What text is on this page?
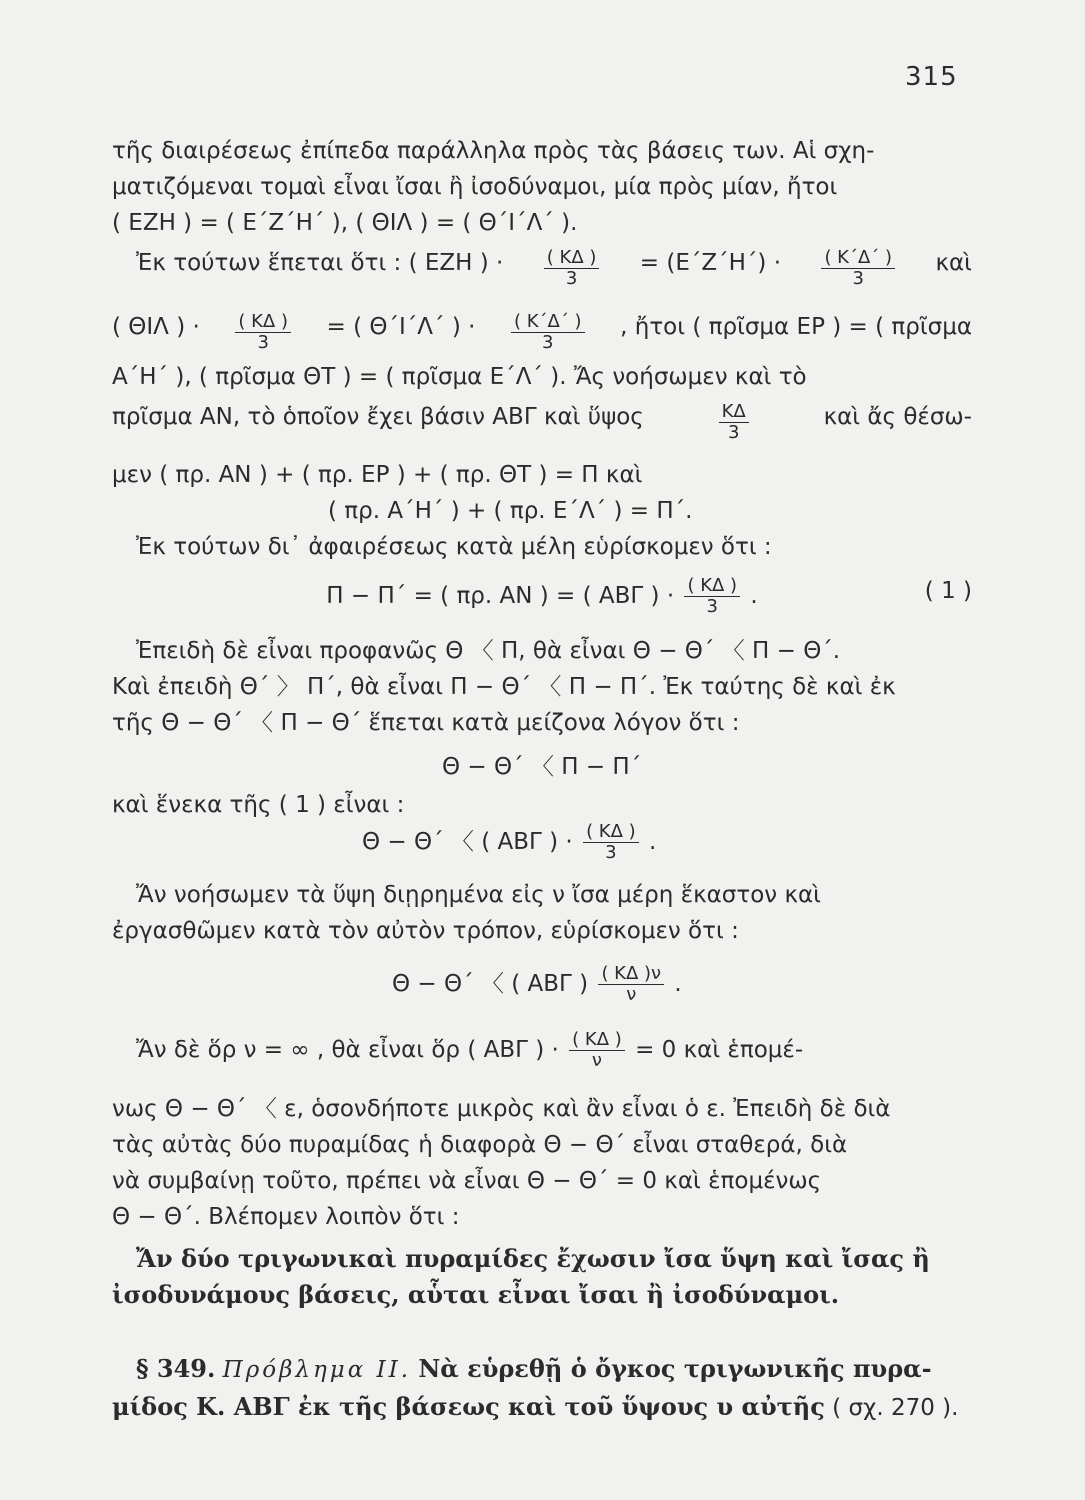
315
τῆς διαιρέσεως ἐπίπεδα παράλληλα πρὸς τὰς βάσεις των. Αἱ σχη-
ματιζόμεναι τομαὶ εἶναι ἴσαι ἢ ἰσοδύναμοι, μία πρὸς μίαν, ἤτοι
( ΕΖΗ ) = ( Ε΄Ζ΄Η΄ ), ( ΘΙΛ ) = ( Θ΄Ι΄Λ΄ ).
Ἐκ τούτων ἕπεται ὅτι : ( ΕΖΗ ) · $\frac{( K\Delta )}{3} = (E΄Z΄H΄) \cdot \frac{( K΄\Delta΄ )}{3}$ καὶ
( ΘΙΛ ) · $\frac{( K\Delta )}{3}$ = ( Θ΄Ι΄Λ΄ ) · $\frac{( K΄\Delta΄ )}{3}$ , ἤτοι ( πρῖσμα ΕΡ ) = ( πρῖσμα
Α΄Η΄ ), ( πρῖσμα ΘΤ ) = ( πρῖσμα Ε΄Λ΄ ). Ἄς νοήσωμεν καὶ τὸ
πρῖσμα ΑΝ, τὸ ὁποῖον ἔχει βάσιν ΑΒΓ καὶ ὕψος	$\frac{K\Delta}{3}$	καὶ ἄς θέσω-
μεν ( πρ. ΑΝ ) + ( πρ. ΕΡ ) + ( πρ. ΘΤ ) = Π καὶ
( πρ. Α΄Η΄ ) + ( πρ. Ε΄Λ΄ ) = Π΄.
Ἐκ τούτων δι᾽ ἀφαιρέσεως κατὰ μέλη εὑρίσκομεν ὅτι :
Π − Π΄ = ( πρ. ΑΝ ) = ( ΑΒΓ ) · $\frac{( K\Delta )}{3}$ .	( 1 )
Ἐπειδὴ δὲ εἶναι προφανῶς Θ 〈 Π, θὰ εἶναι Θ − Θ΄ 〈 Π − Θ΄.
Καὶ ἐπειδὴ Θ΄ 〉 Π΄, θὰ εἶναι Π − Θ΄ 〈 Π − Π΄. Ἐκ ταύτης δὲ καὶ ἐκ
τῆς Θ − Θ΄ 〈 Π − Θ΄ ἕπεται κατὰ μείζονα λόγον ὅτι :
Θ − Θ΄ 〈 Π − Π΄
καὶ ἕνεκα τῆς ( 1 ) εἶναι :
Θ − Θ΄ 〈 ( ΑΒΓ ) · $\frac{( K\Delta )}{3}$ .
Ἄν νοήσωμεν τὰ ὕψη διῃρημένα εἰς ν ἴσα μέρη ἕκαστον καὶ
ἐργασθῶμεν κατὰ τὸν αὐτὸν τρόπον, εὑρίσκομεν ὅτι :
Θ − Θ΄ 〈 ( ΑΒΓ ) $\frac{( K\Delta )\nu}{\nu}$ .
Ἄν δὲ ὅρ ν = ∞ , θὰ εἶναι ὅρ ( ΑΒΓ ) · $\frac{( K\Delta )}{\nu} = 0$ καὶ ἑπομέ-
νως Θ − Θ΄ 〈 ε, ὁσονδήποτε μικρὸς καὶ ἂν εἶναι ὁ ε. Ἐπειδὴ δὲ διὰ
τὰς αὐτὰς δύο πυραμίδας ἡ διαφορὰ Θ − Θ΄ εἶναι σταθερά, διὰ
νὰ συμβαίνῃ τοῦτο, πρέπει νὰ εἶναι Θ − Θ΄ = 0 καὶ ἑπομένως
Θ − Θ΄. Βλέπομεν λοιπὸν ὅτι :
Ἄν δύο τριγωνικαὶ πυραμίδες ἔχωσιν ἴσα ὕψη καὶ ἴσας ἢ
ἰσοδυνάμους βάσεις, αὗται εἶναι ἴσαι ἢ ἰσοδύναμοι.
§ 349. Πρόβλημα ΙΙ. Νὰ εὑρεθῇ ὁ ὄγκος τριγωνικῆς πυρα-
μίδος Κ. ΑΒΓ ἐκ τῆς βάσεως καὶ τοῦ ὕψους υ αὐτῆς ( σχ. 270 ).
